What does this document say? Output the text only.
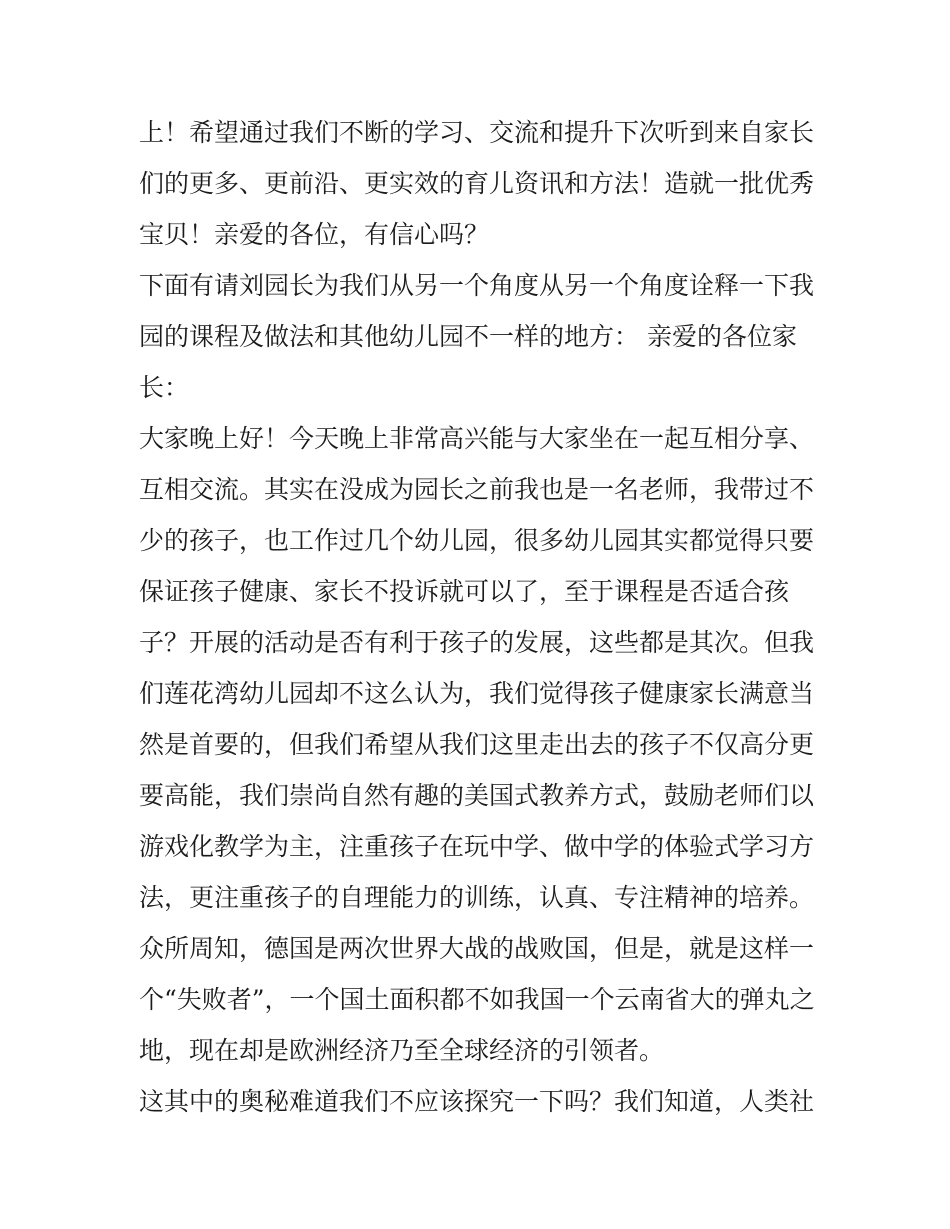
上！希望通过我们不断的学习、交流和提升下次听到来自家长
们的更多、更前沿、更实效的育儿资讯和方法！造就一批优秀
宝贝！亲爱的各位，有信心吗？
下面有请刘园长为我们从另一个角度从另一个角度诠释一下我
园的课程及做法和其他幼儿园不一样的地方： 亲爱的各位家
长：
大家晚上好！今天晚上非常高兴能与大家坐在一起互相分享、
互相交流。其实在没成为园长之前我也是一名老师，我带过不
少的孩子，也工作过几个幼儿园，很多幼儿园其实都觉得只要
保证孩子健康、家长不投诉就可以了，至于课程是否适合孩
子？开展的活动是否有利于孩子的发展，这些都是其次。但我
们莲花湾幼儿园却不这么认为，我们觉得孩子健康家长满意当
然是首要的，但我们希望从我们这里走出去的孩子不仅高分更
要高能，我们崇尚自然有趣的美国式教养方式，鼓励老师们以
游戏化教学为主，注重孩子在玩中学、做中学的体验式学习方
法，更注重孩子的自理能力的训练，认真、专注精神的培养。
众所周知，德国是两次世界大战的战败国，但是，就是这样一
个“失败者”，一个国土面积都不如我国一个云南省大的弹丸之
地，现在却是欧洲经济乃至全球经济的引领者。
这其中的奥秘难道我们不应该探究一下吗？我们知道，人类社
